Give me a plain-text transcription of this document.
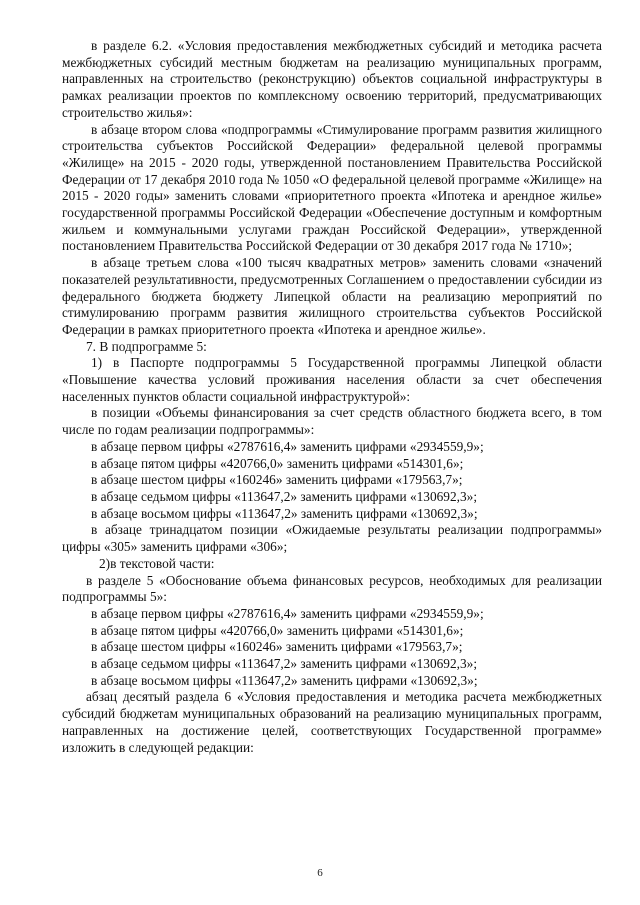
в разделе 6.2. «Условия предоставления межбюджетных субсидий и методика расчета межбюджетных субсидий местным бюджетам на реализацию муниципальных программ, направленных на строительство (реконструкцию) объектов социальной инфраструктуры в рамках реализации проектов по комплексному освоению территорий, предусматривающих строительство жилья»:

в абзаце втором слова «подпрограммы «Стимулирование программ развития жилищного строительства субъектов Российской Федерации» федеральной целевой программы «Жилище» на 2015 - 2020 годы, утвержденной постановлением Правительства Российской Федерации от 17 декабря 2010 года № 1050 «О федеральной целевой программе «Жилище» на 2015 - 2020 годы» заменить словами «приоритетного проекта «Ипотека и арендное жилье» государственной программы Российской Федерации «Обеспечение доступным и комфортным жильем и коммунальными услугами граждан Российской Федерации», утвержденной постановлением Правительства Российской Федерации от 30 декабря 2017 года № 1710»;

в абзаце третьем слова «100 тысяч квадратных метров» заменить словами «значений показателей результативности, предусмотренных Соглашением о предоставлении субсидии из федерального бюджета бюджету Липецкой области на реализацию мероприятий по стимулированию программ развития жилищного строительства субъектов Российской Федерации в рамках приоритетного проекта «Ипотека и арендное жилье».

7. В подпрограмме 5:

1) в Паспорте подпрограммы 5 Государственной программы Липецкой области «Повышение качества условий проживания населения области за счет обеспечения населенных пунктов области социальной инфраструктурой»:

в позиции «Объемы финансирования за счет средств областного бюджета всего, в том числе по годам реализации подпрограммы»:

в абзаце первом цифры «2787616,4» заменить цифрами «2934559,9»;

в абзаце пятом цифры «420766,0» заменить цифрами «514301,6»;

в абзаце шестом цифры «160246» заменить цифрами «179563,7»;

в абзаце седьмом цифры «113647,2» заменить цифрами «130692,3»;

в абзаце восьмом цифры «113647,2» заменить цифрами «130692,3»;

в абзаце тринадцатом позиции «Ожидаемые результаты реализации подпрограммы» цифры «305» заменить цифрами «306»;

2)в текстовой части:

в разделе 5 «Обоснование объема финансовых ресурсов, необходимых для реализации подпрограммы 5»:

в абзаце первом цифры «2787616,4» заменить цифрами «2934559,9»;

в абзаце пятом цифры «420766,0» заменить цифрами «514301,6»;

в абзаце шестом цифры «160246» заменить цифрами «179563,7»;

в абзаце седьмом цифры «113647,2» заменить цифрами «130692,3»;

в абзаце восьмом цифры «113647,2» заменить цифрами «130692,3»;

абзац десятый раздела 6 «Условия предоставления и методика расчета межбюджетных субсидий бюджетам муниципальных образований на реализацию муниципальных программ, направленных на достижение целей, соответствующих Государственной программе» изложить в следующей редакции:

6
